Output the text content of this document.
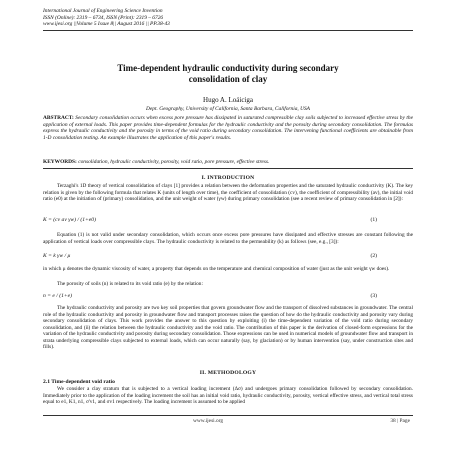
International Journal of Engineering Science Invention
ISSN (Online): 2319 – 6734, ISSN (Print): 2319 – 6726
www.ijesi.org ||Volume 5 Issue 8|| August 2016 || PP.38-43
Time-dependent hydraulic conductivity during secondary
consolidation of clay
Hugo A. Loáiciga
Dept. Geography, University of California, Santa Barbara, California, USA
ABSTRACT: Secondary consolidation occurs when excess pore pressure has dissipated in saturated compressible clay soils subjected to increased effective stress by the application of external loads. This paper provides time-dependent formulas for the hydraulic conductivity and the porosity during secondary consolidation. The formulas express the hydraulic conductivity and the porosity in terms of the void ratio during secondary consolidation. The intervening functional coefficients are obtainable from 1-D consolidation testing. An example illustrates the application of this paper's results.
KEYWORDS: consolidation, hydraulic conductivity, porosity, void ratio, pore pressure, effective stress.
I. INTRODUCTION
Terzaghi's 1D theory of vertical consolidation of clays [1] provides a relation between the deformation properties and the saturated hydraulic conductivity (K). The key relation is given by the following formula that relates K (units of length over time), the coefficient of consolidation (cv), the coefficient of compressibility (av), the initial void ratio (e0) at the initiation of (primary) consolidation, and the unit weight of water (γw) during primary consolidation (see a recent review of primary consolidation in [2]):
K = (cv av γw) / (1+e0)	(1)
Equation (1) is not valid under secondary consolidation, which occurs once excess pore pressures have dissipated and effective stresses are constant following the application of vertical loads over compressible clays. The hydraulic conductivity is related to the permeability (k) as follows (see, e.g., [3]):
K = k γw / μ	(2)
in which μ denotes the dynamic viscosity of water, a property that depends on the temperature and chemical composition of water (just as the unit weight γw does).
The porosity of soils (n) is related to its void ratio (e) by the relation:
n = e / (1+e)	(3)
The hydraulic conductivity and porosity are two key soil properties that govern groundwater flow and the transport of dissolved substances in groundwater. The central role of the hydraulic conductivity and porosity in groundwater flow and transport processes raises the question of how do the hydraulic conductivity and porosity vary during secondary consolidation of clays. This work provides the answer to this question by exploiting (i) the time-dependent variation of the void ratio during secondary consolidation, and (ii) the relation between the hydraulic conductivity and the void ratio. The contribution of this paper is the derivation of closed-form expressions for the variation of the hydraulic conductivity and porosity during secondary consolidation. Those expressions can be used in numerical models of groundwater flow and transport in strata underlying compressible clays subjected to external loads, which can occur naturally (say, by glaciation) or by human intervention (say, under construction sites and fills).
II. METHODOLOGY
2.1 Time-dependent void ratio
We consider a clay stratum that is subjected to a vertical loading increment (Δσ) and undergoes primary consolidation followed by secondary consolidation. Immediately prior to the application of the loading increment the soil has an initial void ratio, hydraulic conductivity, porosity, vertical effective stress, and vertical total stress equal to e1, K1, n1, σ'v1, and σv1 respectively. The loading increment is assumed to be applied
www.ijesi.org	38 | Page
